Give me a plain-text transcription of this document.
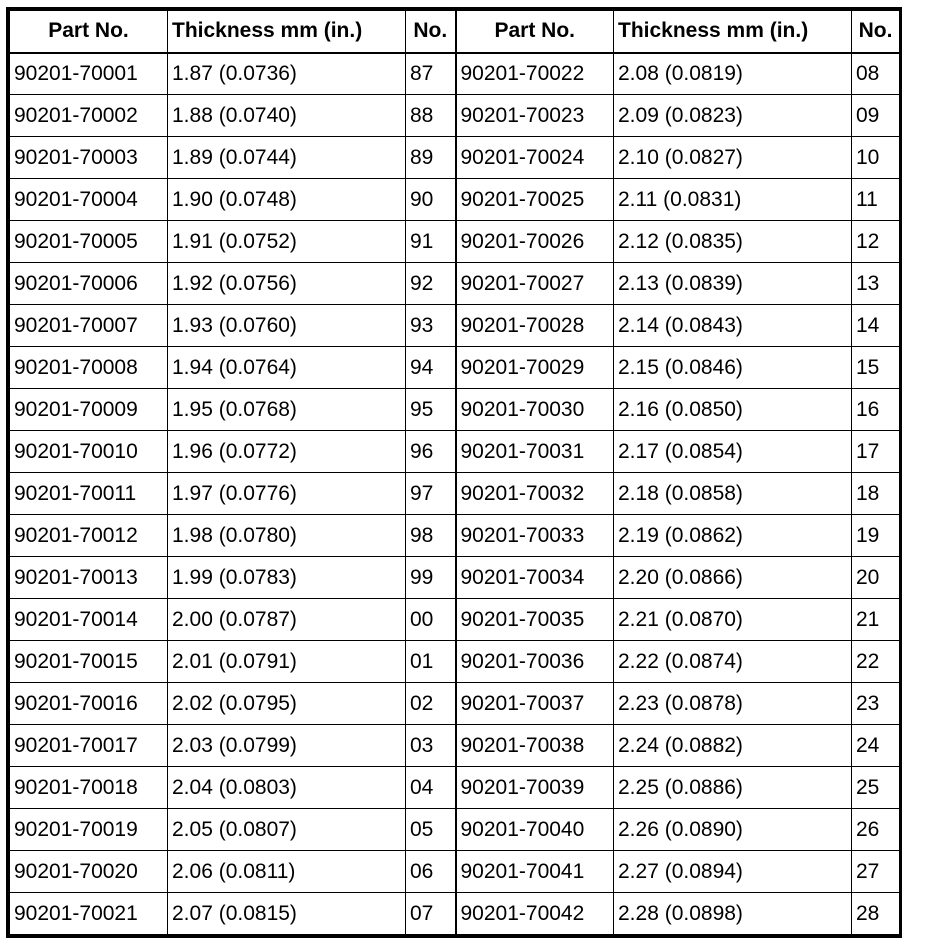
Part No.	Thickness mm (in.)	No.	Part No.	Thickness mm (in.)	No.
90201-70001	1.87 (0.0736)	87	90201-70022	2.08 (0.0819)	08
90201-70002	1.88 (0.0740)	88	90201-70023	2.09 (0.0823)	09
90201-70003	1.89 (0.0744)	89	90201-70024	2.10 (0.0827)	10
90201-70004	1.90 (0.0748)	90	90201-70025	2.11 (0.0831)	11
90201-70005	1.91 (0.0752)	91	90201-70026	2.12 (0.0835)	12
90201-70006	1.92 (0.0756)	92	90201-70027	2.13 (0.0839)	13
90201-70007	1.93 (0.0760)	93	90201-70028	2.14 (0.0843)	14
90201-70008	1.94 (0.0764)	94	90201-70029	2.15 (0.0846)	15
90201-70009	1.95 (0.0768)	95	90201-70030	2.16 (0.0850)	16
90201-70010	1.96 (0.0772)	96	90201-70031	2.17 (0.0854)	17
90201-70011	1.97 (0.0776)	97	90201-70032	2.18 (0.0858)	18
90201-70012	1.98 (0.0780)	98	90201-70033	2.19 (0.0862)	19
90201-70013	1.99 (0.0783)	99	90201-70034	2.20 (0.0866)	20
90201-70014	2.00 (0.0787)	00	90201-70035	2.21 (0.0870)	21
90201-70015	2.01 (0.0791)	01	90201-70036	2.22 (0.0874)	22
90201-70016	2.02 (0.0795)	02	90201-70037	2.23 (0.0878)	23
90201-70017	2.03 (0.0799)	03	90201-70038	2.24 (0.0882)	24
90201-70018	2.04 (0.0803)	04	90201-70039	2.25 (0.0886)	25
90201-70019	2.05 (0.0807)	05	90201-70040	2.26 (0.0890)	26
90201-70020	2.06 (0.0811)	06	90201-70041	2.27 (0.0894)	27
90201-70021	2.07 (0.0815)	07	90201-70042	2.28 (0.0898)	28
